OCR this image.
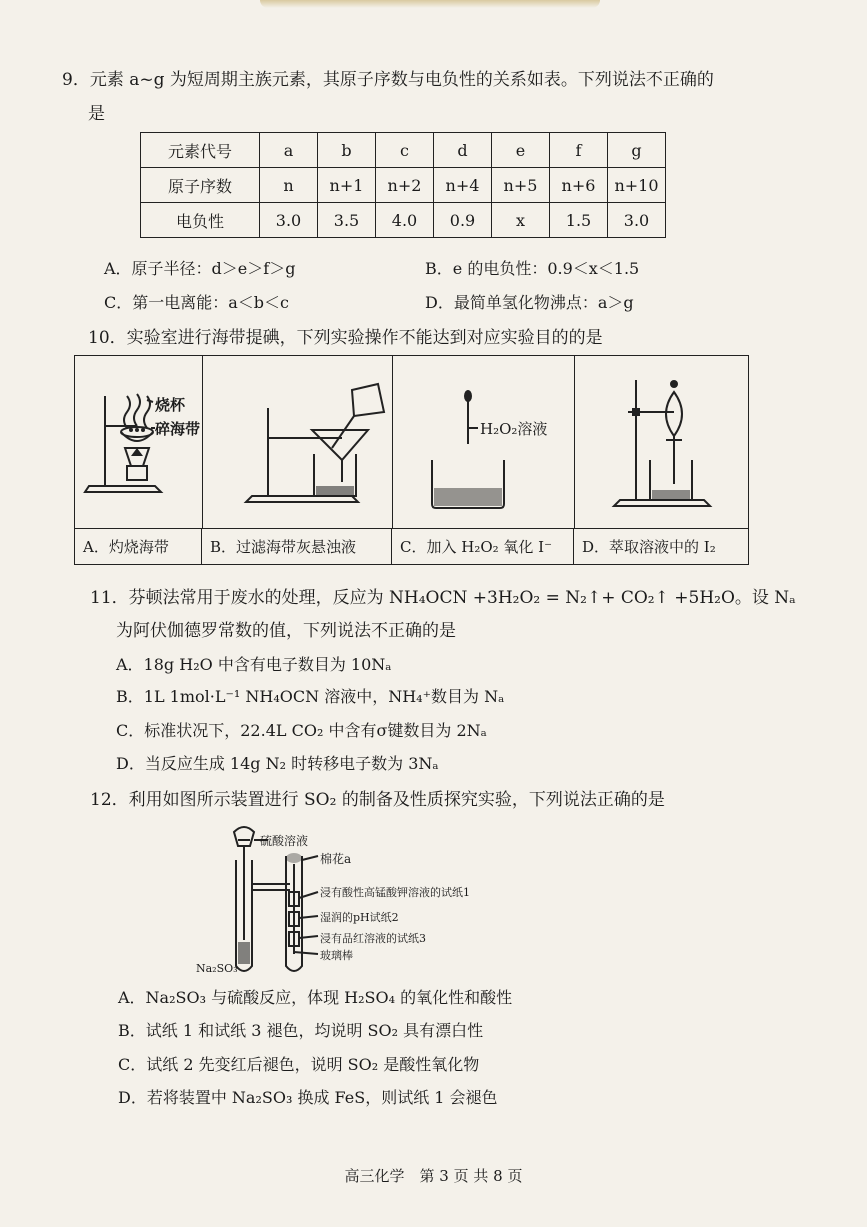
9．元素 a~g 为短周期主族元素，其原子序数与电负性的关系如表。下列说法不正确的
是
元素代号	a	b	c	d	e	f	g
原子序数	n	n+1	n+2	n+4	n+5	n+6	n+10
电负性	3.0	3.5	4.0	0.9	x	1.5	3.0
A．原子半径：d＞e＞f＞g	B．e 的电负性：0.9＜x＜1.5
C．第一电离能：a＜b＜c	D．最简单氢化物沸点：a＞g
10．实验室进行海带提碘，下列实验操作不能达到对应实验目的的是
烧杯
碎海带	H₂O₂溶液
A．灼烧海带	B．过滤海带灰悬浊液	C．加入 H₂O₂ 氧化 I⁻	D．萃取溶液中的 I₂
11．芬顿法常用于废水的处理，反应为 NH₄OCN +3H₂O₂ = N₂↑+ CO₂↑ +5H₂O。设 Nₐ
为阿伏伽德罗常数的值，下列说法不正确的是
A．18g H₂O 中含有电子数目为 10Nₐ
B．1L 1mol·L⁻¹ NH₄OCN 溶液中，NH₄⁺数目为 Nₐ
C．标准状况下，22.4L CO₂ 中含有σ键数目为 2Nₐ
D．当反应生成 14g N₂ 时转移电子数为 3Nₐ
12．利用如图所示装置进行 SO₂ 的制备及性质探究实验，下列说法正确的是
硫酸溶液
棉花a
浸有酸性高锰酸钾溶液的试纸1
湿润的pH试纸2
浸有品红溶液的试纸3
玻璃棒
Na₂SO₃
A．Na₂SO₃ 与硫酸反应，体现 H₂SO₄ 的氧化性和酸性
B．试纸 1 和试纸 3 褪色，均说明 SO₂ 具有漂白性
C．试纸 2 先变红后褪色，说明 SO₂ 是酸性氧化物
D．若将装置中 Na₂SO₃ 换成 FeS，则试纸 1 会褪色
高三化学　第 3 页 共 8 页
